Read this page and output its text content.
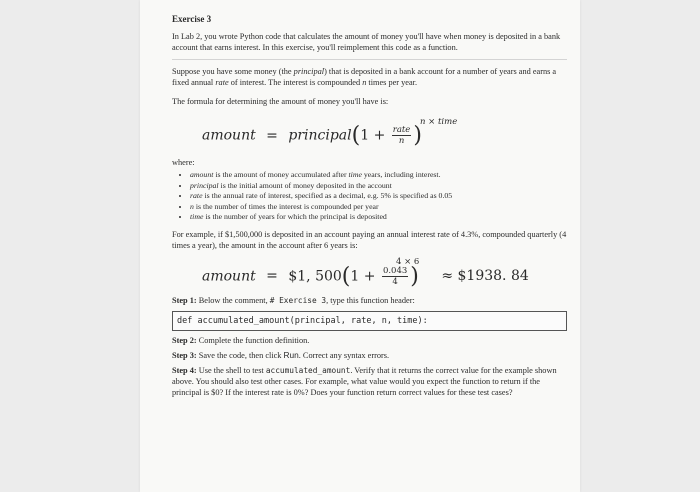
Exercise 3
In Lab 2, you wrote Python code that calculates the amount of money you'll have when money is deposited in a bank account that earns interest. In this exercise, you'll reimplement this code as a function.
Suppose you have some money (the principal) that is deposited in a bank account for a number of years and earns a fixed annual rate of interest. The interest is compounded n times per year.
The formula for determining the amount of money you'll have is:
amount = principal(1 + $\frac{\text{rate}}{n}$ )
n × time
where:
• amount is the amount of money accumulated after time years, including interest.
• principal is the initial amount of money deposited in the account
• rate is the annual rate of interest, specified as a decimal, e.g. 5% is specified as 0.05
• n is the number of times the interest is compounded per year
• time is the number of years for which the principal is deposited
For example, if $1,500,000 is deposited in an account paying an annual interest rate of 4.3%, compounded quarterly (4 times a year), the amount in the account after 6 years is:
amount = $1, $500(1 + \frac{0.043}{4}$ ) ≈ $1938. 84
4 × 6
Step 1: Below the comment, # Exercise 3, type this function header:
def accumulated_amount(principal, rate, n, time):
Step 2: Complete the function definition.
Step 3: Save the code, then click Run. Correct any syntax errors.
Step 4: Use the shell to test accumulated_amount. Verify that it returns the correct value for the example shown above. You should also test other cases. For example, what value would you expect the function to return if the principal is $0? If the interest rate is 0%? Does your function return correct values for these test cases?
